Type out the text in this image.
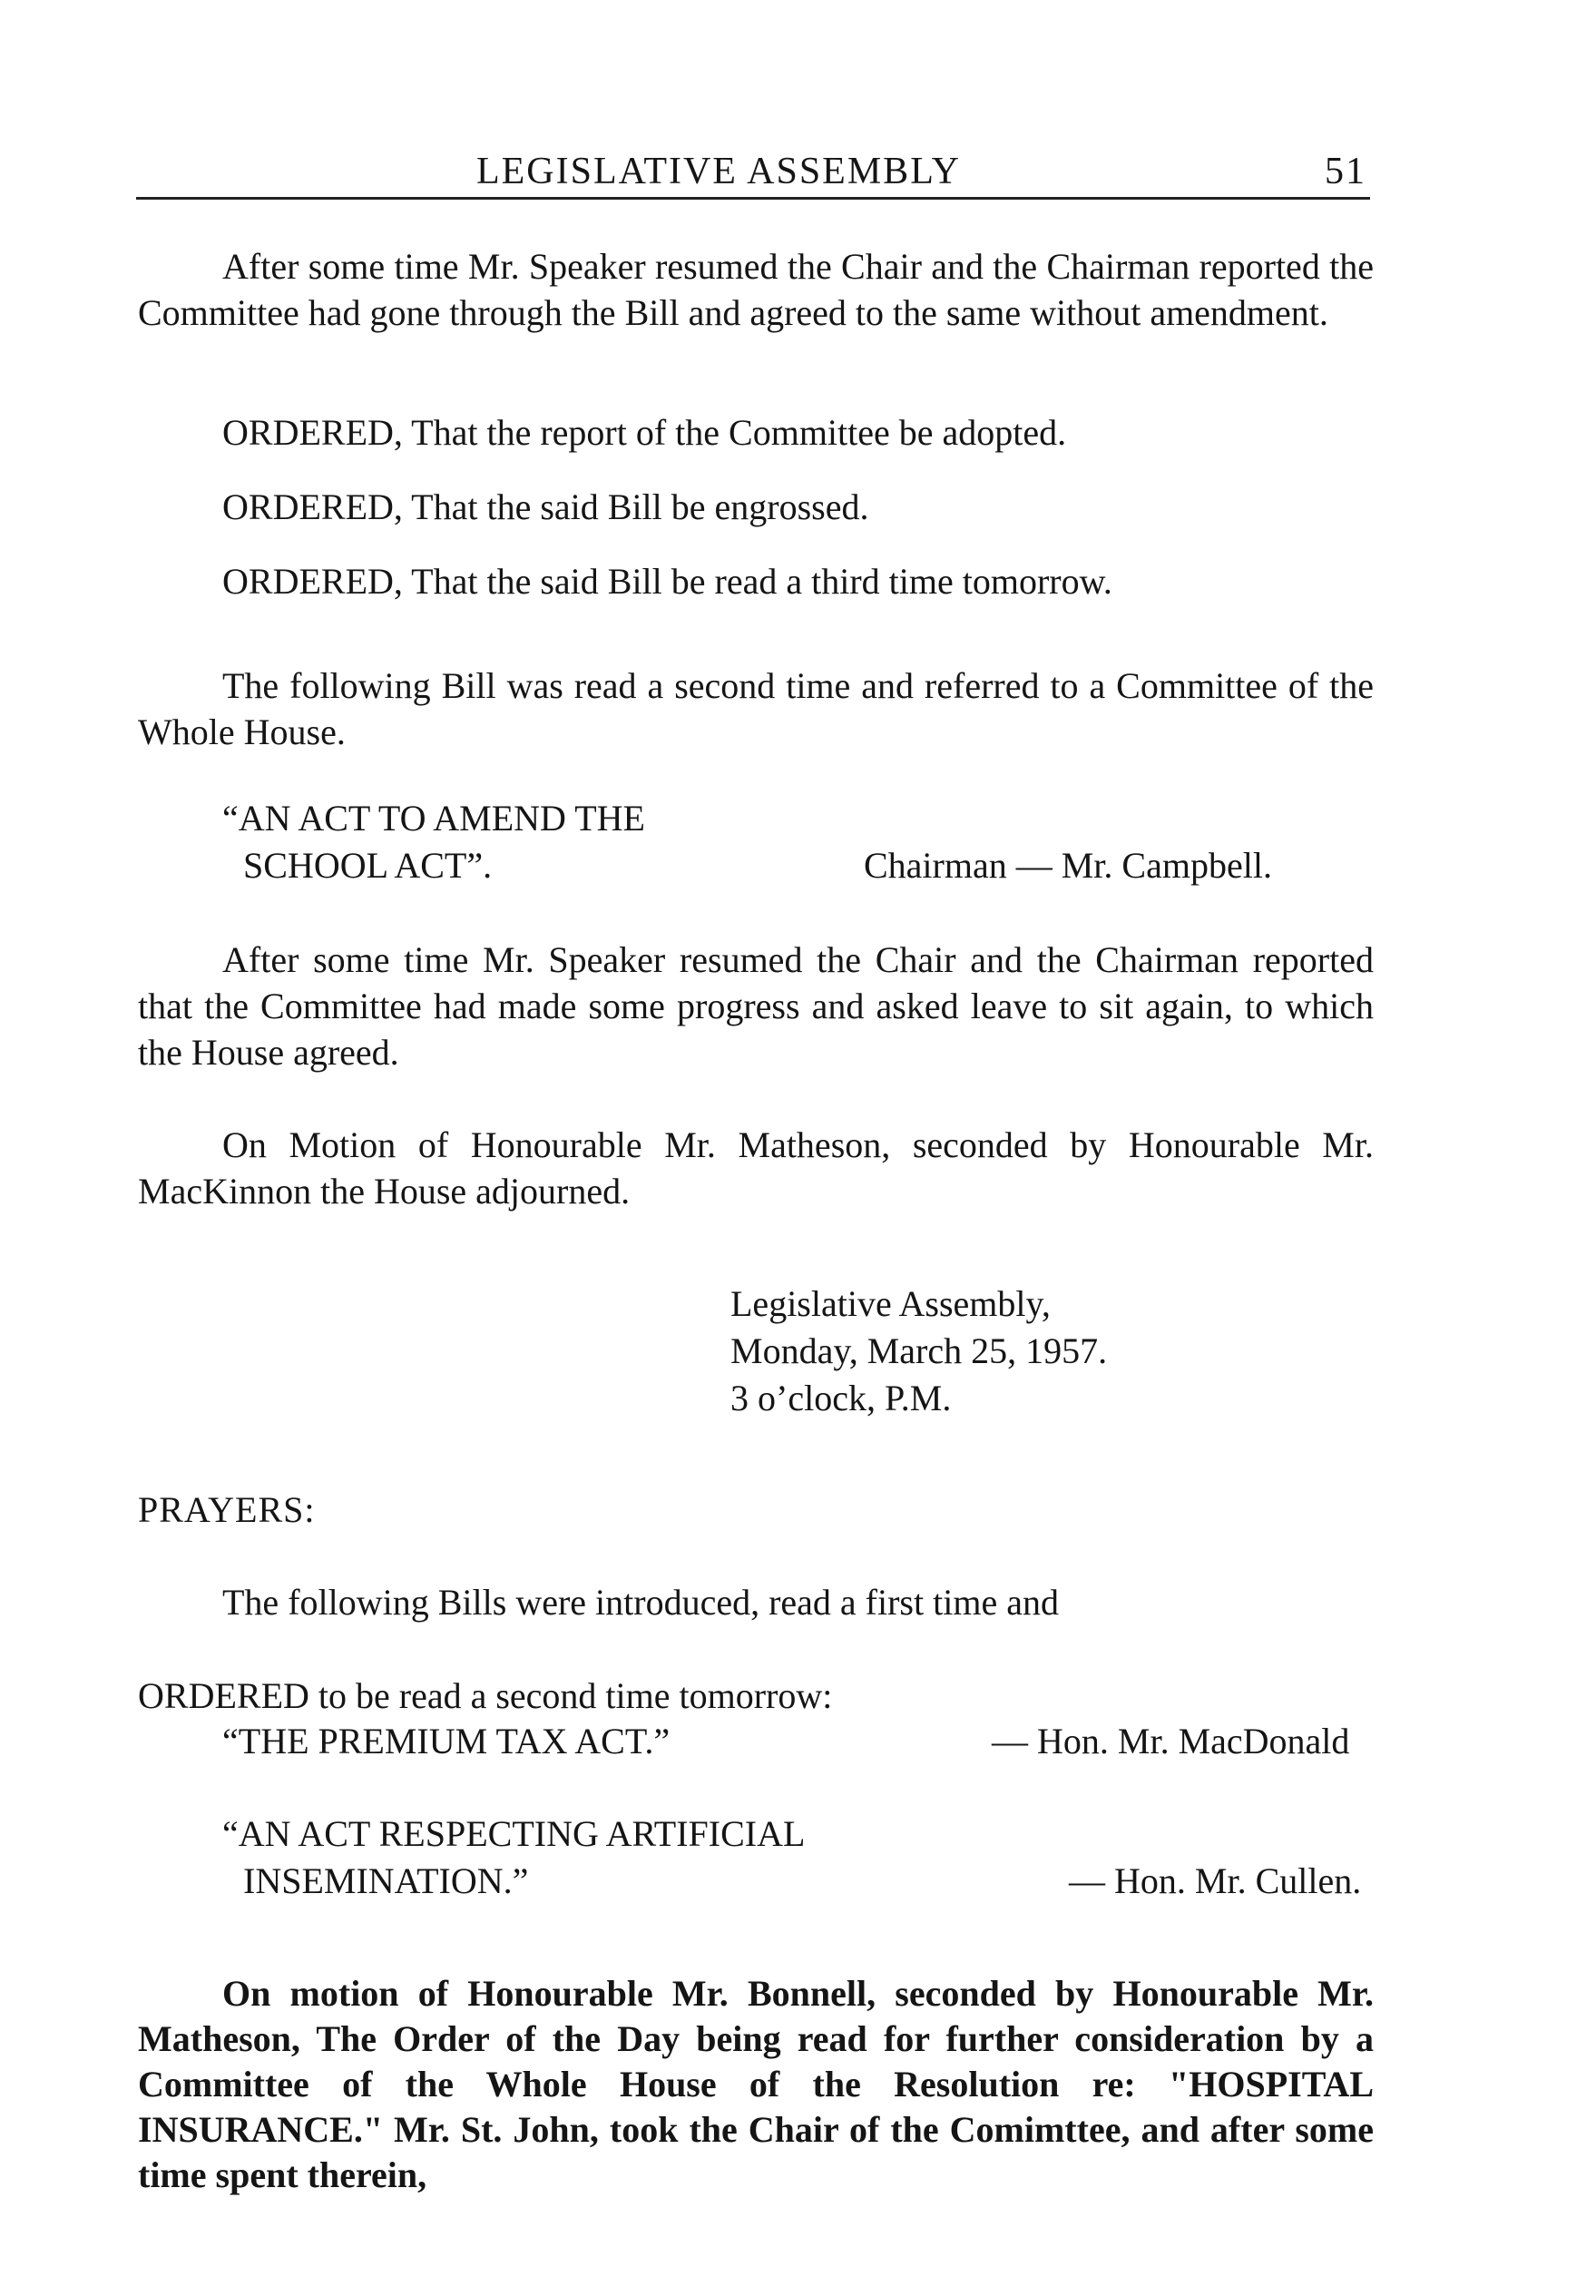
LEGISLATIVE ASSEMBLY	51
After some time Mr. Speaker resumed the Chair and the Chairman reported the Committee had gone through the Bill and agreed to the same without amendment.
ORDERED, That the report of the Committee be adopted.
ORDERED, That the said Bill be engrossed.
ORDERED, That the said Bill be read a third time tomorrow.
The following Bill was read a second time and referred to a Committee of the Whole House.
“AN ACT TO AMEND THE
SCHOOL ACT”.	Chairman — Mr. Campbell.
After some time Mr. Speaker resumed the Chair and the Chairman reported that the Committee had made some progress and asked leave to sit again, to which the House agreed.
On Motion of Honourable Mr. Matheson, seconded by Honourable Mr. MacKinnon the House adjourned.
Legislative Assembly,
Monday, March 25, 1957.
3 o’clock, P.M.
PRAYERS:
The following Bills were introduced, read a first time and
ORDERED to be read a second time tomorrow:
“THE PREMIUM TAX ACT.”	— Hon. Mr. MacDonald
“AN ACT RESPECTING ARTIFICIAL
INSEMINATION.”	— Hon. Mr. Cullen.
On motion of Honourable Mr. Bonnell, seconded by Honourable Mr. Matheson, The Order of the Day being read for further consideration by a Committee of the Whole House of the Resolution re: "HOSPITAL INSURANCE." Mr. St. John, took the Chair of the Comimttee, and after some time spent therein,
